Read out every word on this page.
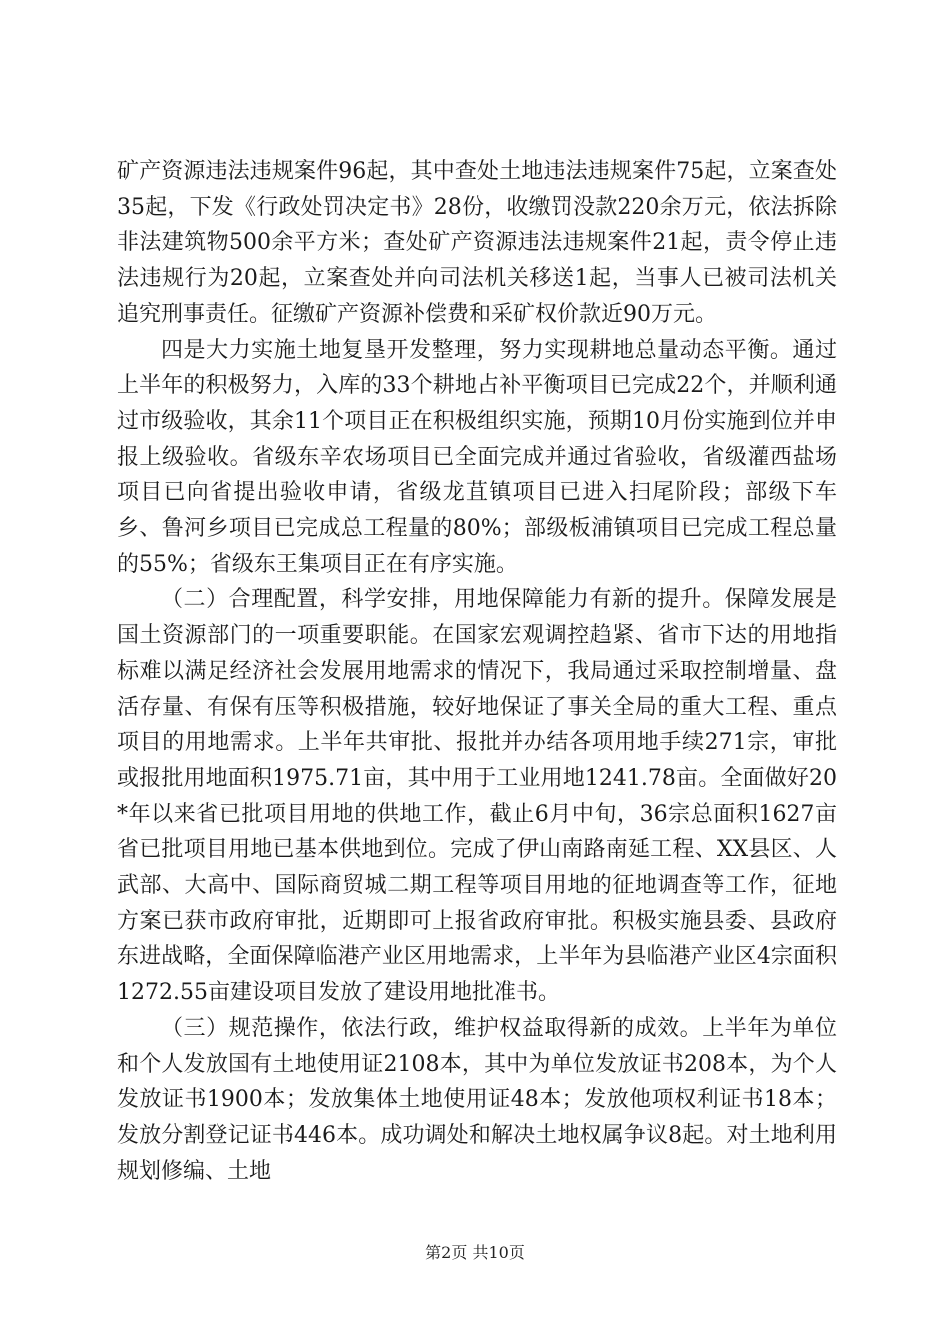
矿产资源违法违规案件96起，其中查处土地违法违规案件75起，立案查处35起，下发《行政处罚决定书》28份，收缴罚没款220余万元，依法拆除非法建筑物500余平方米；查处矿产资源违法违规案件21起，责令停止违法违规行为20起，立案查处并向司法机关移送1起，当事人已被司法机关追究刑事责任。征缴矿产资源补偿费和采矿权价款近90万元。

四是大力实施土地复垦开发整理，努力实现耕地总量动态平衡。通过上半年的积极努力，入库的33个耕地占补平衡项目已完成22个，并顺利通过市级验收，其余11个项目正在积极组织实施，预期10月份实施到位并申报上级验收。省级东辛农场项目已全面完成并通过省验收，省级灌西盐场项目已向省提出验收申请，省级龙苴镇项目已进入扫尾阶段；部级下车乡、鲁河乡项目已完成总工程量的80%；部级板浦镇项目已完成工程总量的55%；省级东王集项目正在有序实施。

（二）合理配置，科学安排，用地保障能力有新的提升。保障发展是国土资源部门的一项重要职能。在国家宏观调控趋紧、省市下达的用地指标难以满足经济社会发展用地需求的情况下，我局通过采取控制增量、盘活存量、有保有压等积极措施，较好地保证了事关全局的重大工程、重点项目的用地需求。上半年共审批、报批并办结各项用地手续271宗，审批或报批用地面积1975.71亩，其中用于工业用地1241.78亩。全面做好20*年以来省已批项目用地的供地工作，截止6月中旬，36宗总面积1627亩省已批项目用地已基本供地到位。完成了伊山南路南延工程、XX县区、人武部、大高中、国际商贸城二期工程等项目用地的征地调查等工作，征地方案已获市政府审批，近期即可上报省政府审批。积极实施县委、县政府东进战略，全面保障临港产业区用地需求，上半年为县临港产业区4宗面积1272.55亩建设项目发放了建设用地批准书。

（三）规范操作，依法行政，维护权益取得新的成效。上半年为单位和个人发放国有土地使用证2108本，其中为单位发放证书208本，为个人发放证书1900本；发放集体土地使用证48本；发放他项权利证书18本；发放分割登记证书446本。成功调处和解决土地权属争议8起。对土地利用规划修编、土地

第2页 共10页
